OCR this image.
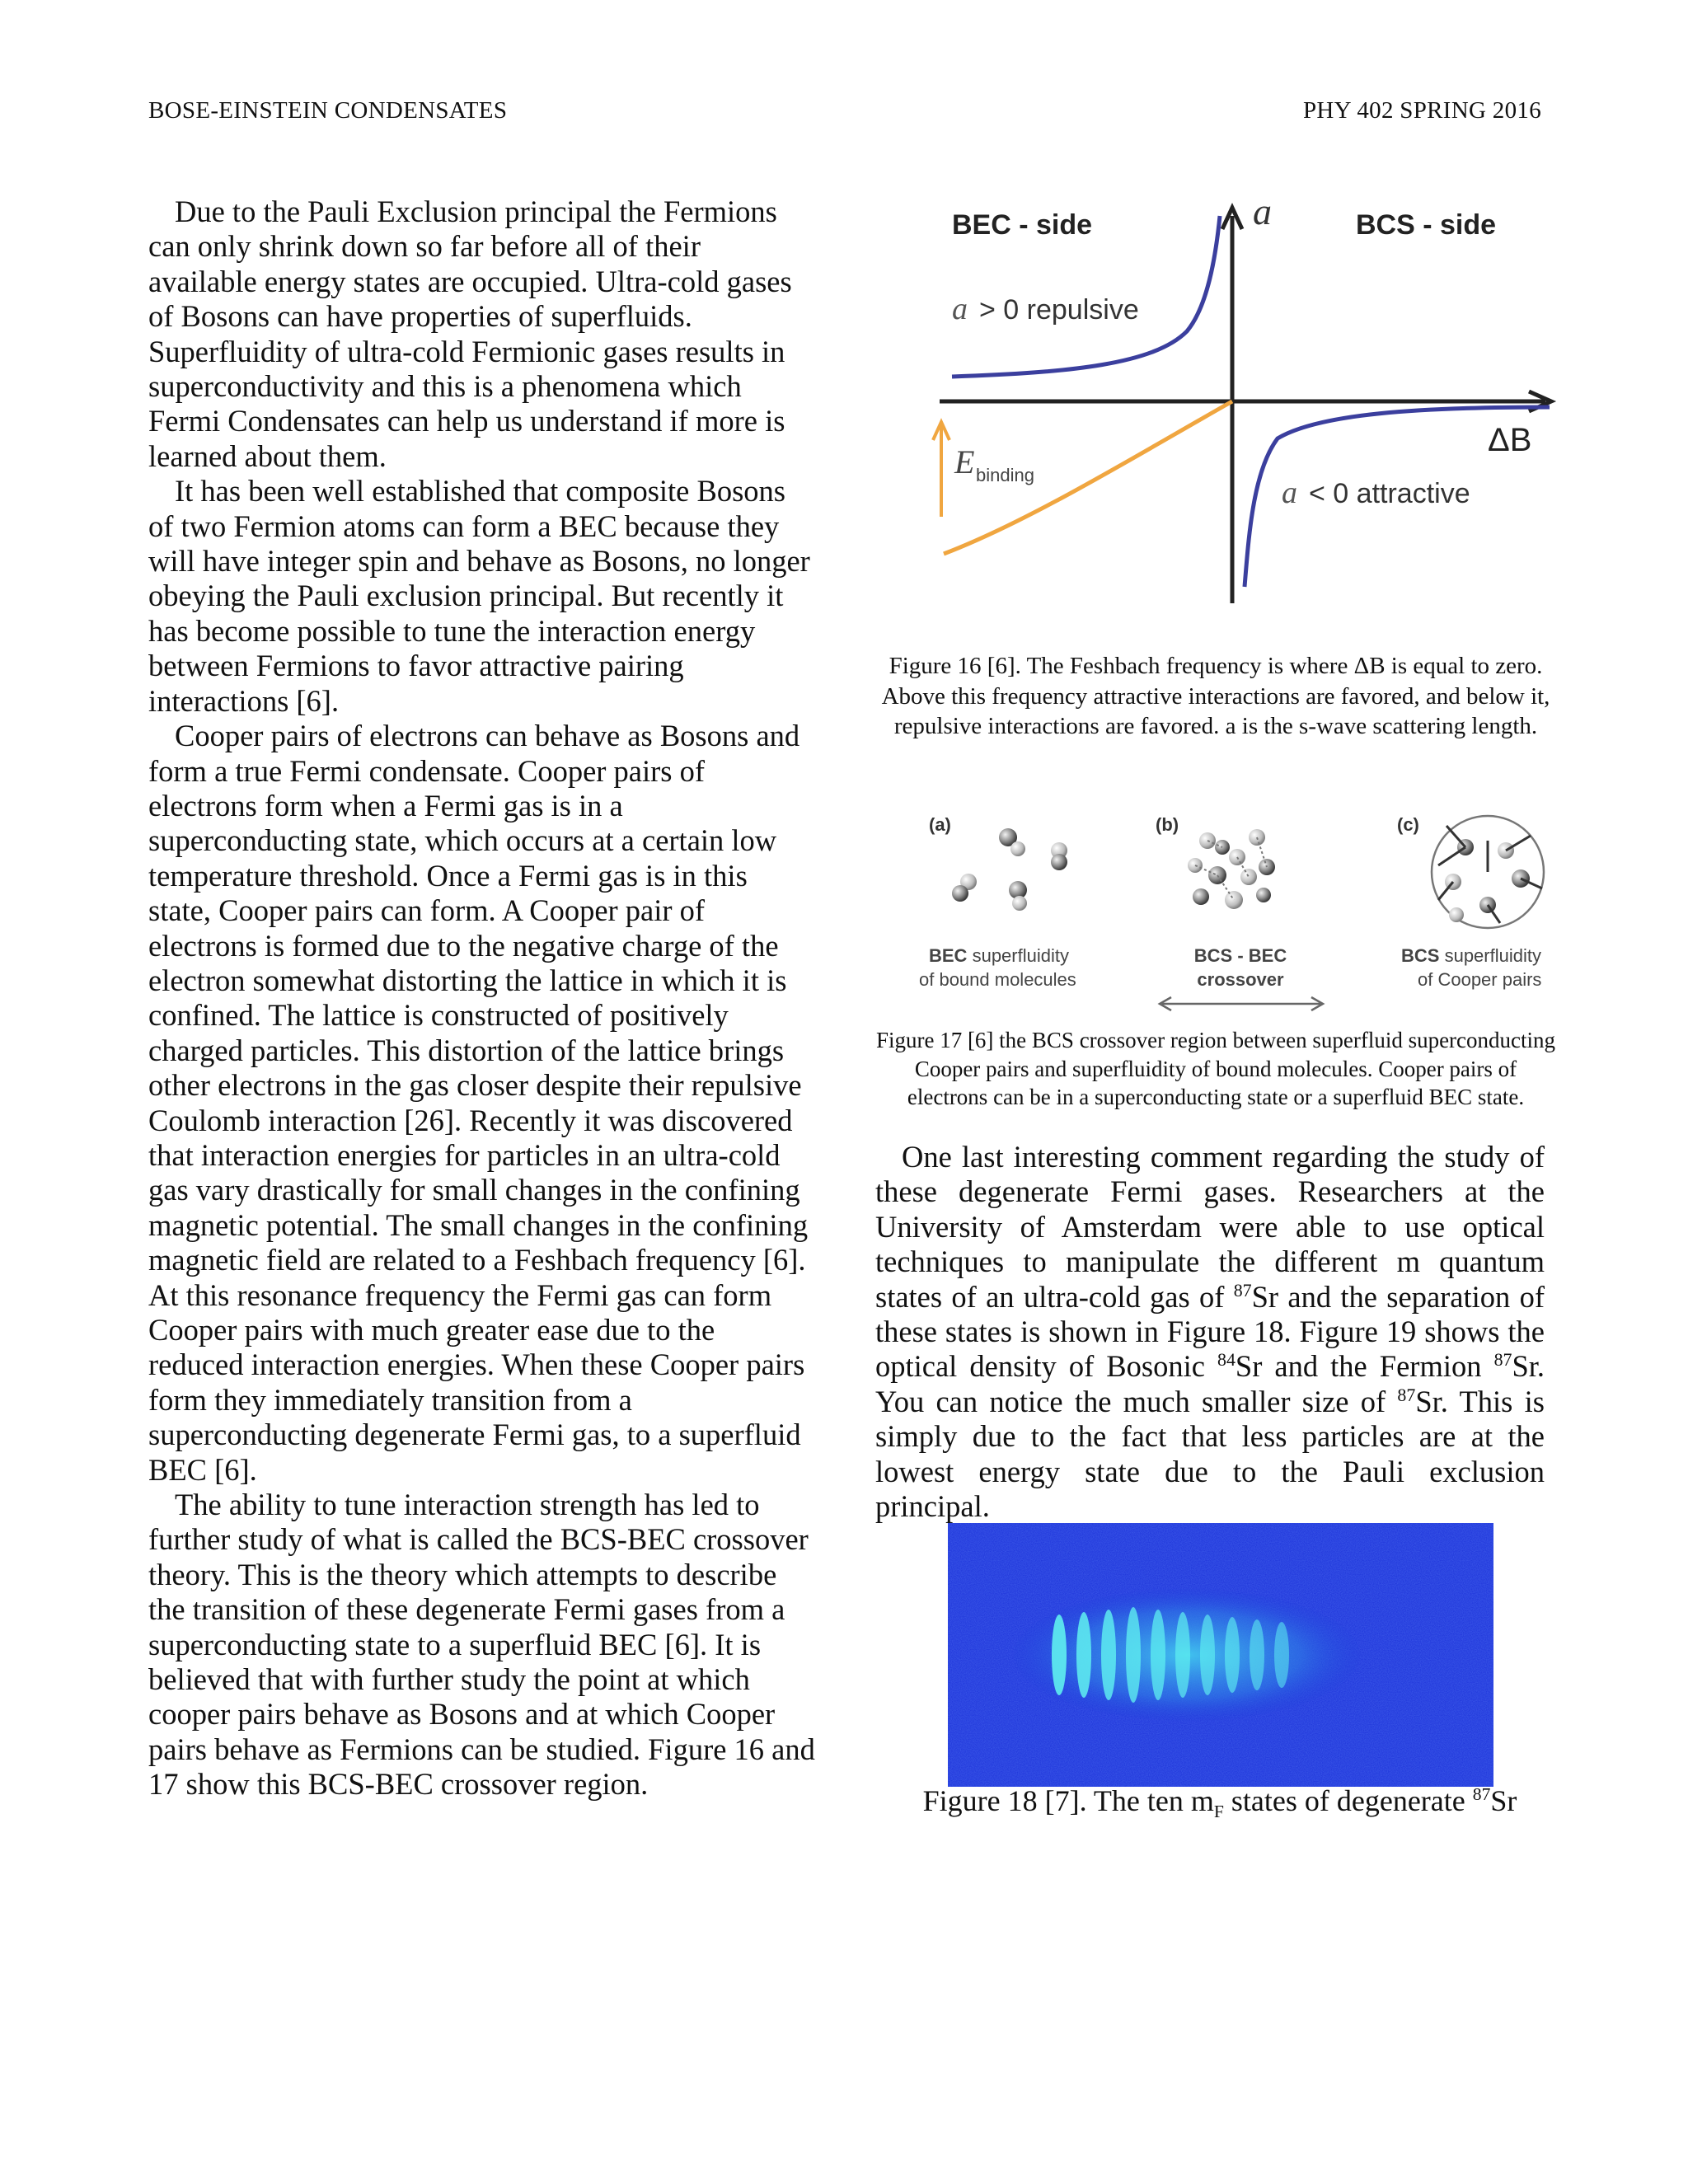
BOSE-EINSTEIN CONDENSATES	PHY 402 SPRING 2016

Due to the Pauli Exclusion principal the Fermions can only shrink down so far before all of their available energy states are occupied. Ultra-cold gases of Bosons can have properties of superfluids. Superfluidity of ultra-cold Fermionic gases results in superconductivity and this is a phenomena which Fermi Condensates can help us understand if more is learned about them.

It has been well established that composite Bosons of two Fermion atoms can form a BEC because they will have integer spin and behave as Bosons, no longer obeying the Pauli exclusion principal. But recently it has become possible to tune the interaction energy between Fermions to favor attractive pairing interactions [6].

Cooper pairs of electrons can behave as Bosons and form a true Fermi condensate. Cooper pairs of electrons form when a Fermi gas is in a superconducting state, which occurs at a certain low temperature threshold. Once a Fermi gas is in this state, Cooper pairs can form. A Cooper pair of electrons is formed due to the negative charge of the electron somewhat distorting the lattice in which it is confined. The lattice is constructed of positively charged particles. This distortion of the lattice brings other electrons in the gas closer despite their repulsive Coulomb interaction [26]. Recently it was discovered that interaction energies for particles in an ultra-cold gas vary drastically for small changes in the confining magnetic potential. The small changes in the confining magnetic field are related to a Feshbach frequency [6]. At this resonance frequency the Fermi gas can form Cooper pairs with much greater ease due to the reduced interaction energies. When these Cooper pairs form they immediately transition from a superconducting degenerate Fermi gas, to a superfluid BEC [6].

The ability to tune interaction strength has led to further study of what is called the BCS-BEC crossover theory. This is the theory which attempts to describe the transition of these degenerate Fermi gases from a superconducting state to a superfluid BEC [6]. It is believed that with further study the point at which cooper pairs behave as Bosons and at which Cooper pairs behave as Fermions can be studied. Figure 16 and 17 show this BCS-BEC crossover region.

BEC - side	BCS - side
a
ΔB
a > 0 repulsive
a < 0 attractive
E binding
Figure 16 [6]. The Feshbach frequency is where ΔB is equal to zero. Above this frequency attractive interactions are favored, and below it, repulsive interactions are favored. a is the s-wave scattering length.
(a)	(b)	(c)
BEC superfluidity
of bound molecules
BCS - BEC
crossover
BCS superfluidity
of Cooper pairs
Figure 17 [6] the BCS crossover region between superfluid superconducting Cooper pairs and superfluidity of bound molecules. Cooper pairs of electrons can be in a superconducting state or a superfluid BEC state.

One last interesting comment regarding the study of these degenerate Fermi gases. Researchers at the University of Amsterdam were able to use optical techniques to manipulate the different m quantum states of an ultra-cold gas of $^{87}$Sr and the separation of these states is shown in Figure 18. Figure 19 shows the optical density of Bosonic $^{84}$Sr and the Fermion $^{87}$Sr. You can notice the much smaller size of $^{87}$Sr. This is simply due to the fact that less particles are at the lowest energy state due to the Pauli exclusion principal.

Figure 18 [7]. The ten $m_F$ states of degenerate $^{87}$Sr
